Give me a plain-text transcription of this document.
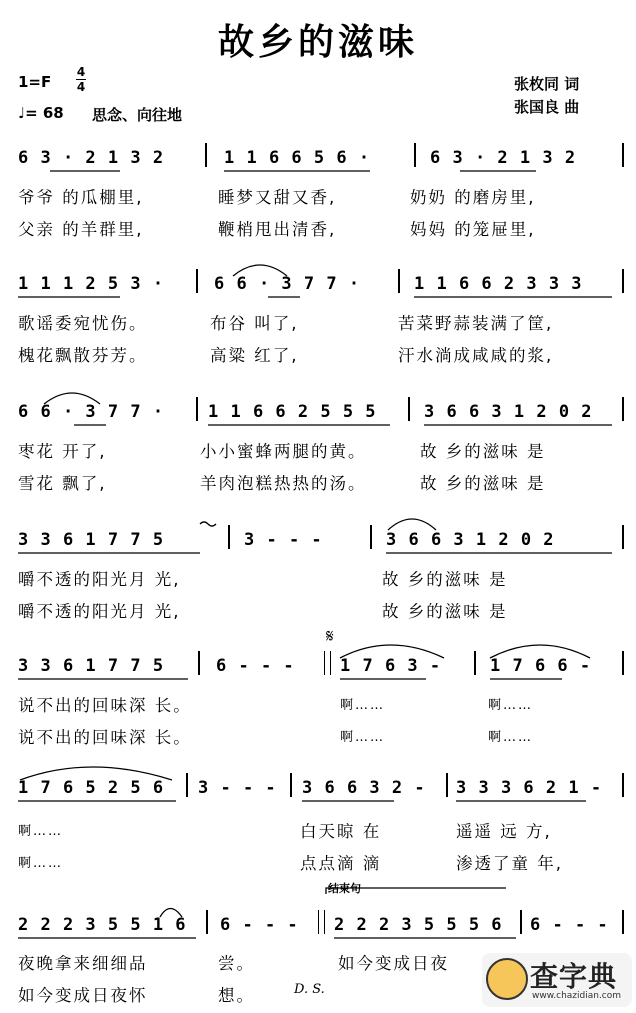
故乡的滋味
1=F
4
4
♩= 68 思念、向往地
张枚同 词
张国良 曲
6 3 · 2 1 3 2	1 1 6 6 5 6 ·	6 3 · 2 1 3 2
爷爷 的瓜棚里,	睡梦又甜又香,	奶奶 的磨房里,
父亲 的羊群里,	鞭梢甩出清香,	妈妈 的笼屉里,
1 1 1 2 5 3 ·	6 6 · 3 7 7 ·	1 1 6 6 2 3 3 3
歌谣委宛忧伤。	布谷 叫了,	苦菜野蒜装满了筐,
槐花飘散芬芳。	高粱 红了,	汗水淌成咸咸的浆,
6 6 · 3 7 7 ·	1 1 6 6 2 5 5 5	3 6 6 3 1 2 0 2
枣花 开了,	小小蜜蜂两腿的黄。	故 乡的滋味 是
雪花 飘了,	羊肉泡糕热热的汤。	故 乡的滋味 是
3 3 6 1 7 7 5	3 - - -	3 6 6 3 1 2 0 2
嚼不透的阳光月 光,	故 乡的滋味 是
嚼不透的阳光月 光,	故 乡的滋味 是
𝄋
3 3 6 1 7 7 5	6 - - -	1 7 6 3 -	1 7 6 6 -
说不出的回味深 长。	啊……	啊……
说不出的回味深 长。	啊……	啊……
1 7 6 5 2 5 6 3 - - - 3 6 6 3 2 - 3 3 3 6 2 1 -
啊……	白天晾 在	遥遥 远 方,
啊……	点点滴 滴	渗透了童 年,
结束句
2 2 2 3 5 5 1 6 6 - - - 2 2 2 3 5 5 5 6 6 - - -
夜晚拿来细细品	尝。	如今变成日夜
如今变成日夜怀	想。	D. S.	查字典
www.chazidian.com
